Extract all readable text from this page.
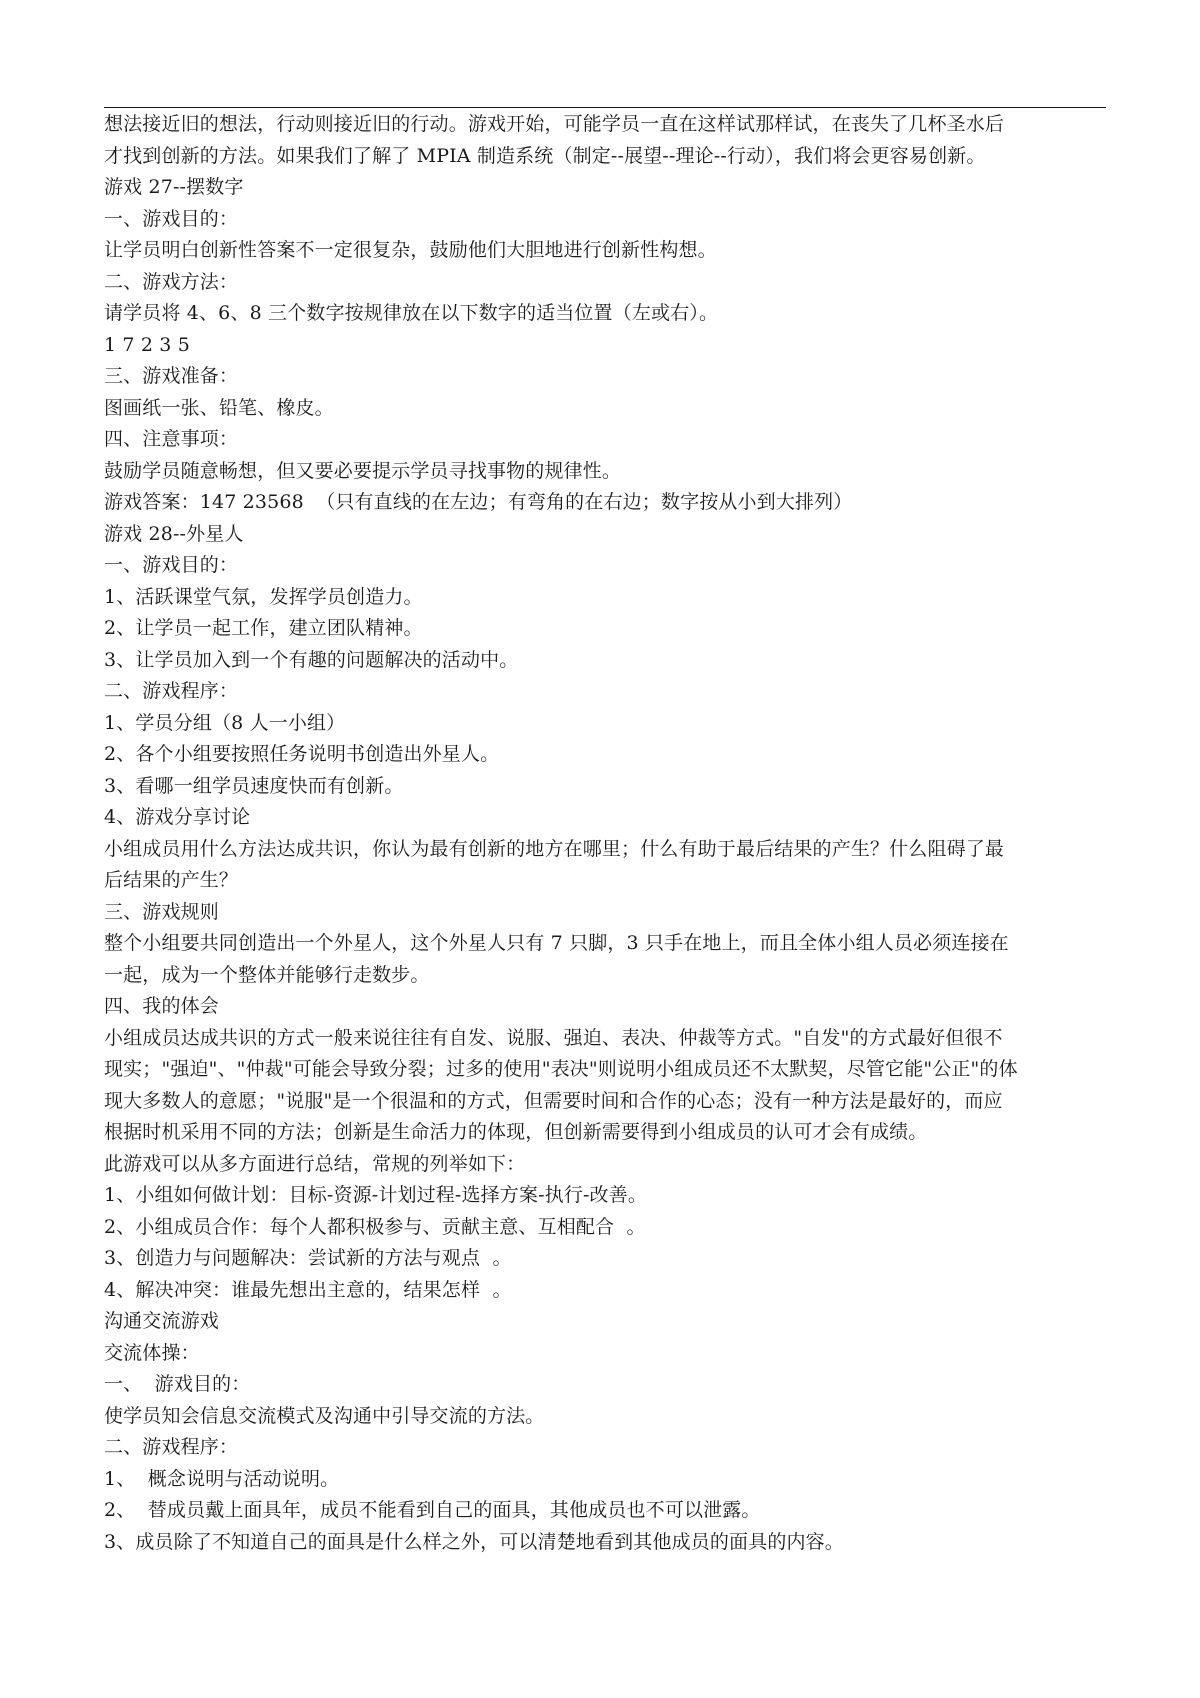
想法接近旧的想法，行动则接近旧的行动。游戏开始，可能学员一直在这样试那样试，在丧失了几杯圣水后
才找到创新的方法。如果我们了解了 MPIA 制造系统（制定--展望--理论--行动），我们将会更容易创新。
游戏 27--摆数字
一、游戏目的：
让学员明白创新性答案不一定很复杂，鼓励他们大胆地进行创新性构想。
二、游戏方法：
请学员将 4、6、8 三个数字按规律放在以下数字的适当位置（左或右）。
1 7 2 3 5
三、游戏准备：
图画纸一张、铅笔、橡皮。
四、注意事项：
鼓励学员随意畅想，但又要必要提示学员寻找事物的规律性。
游戏答案：147 23568  （只有直线的在左边；有弯角的在右边；数字按从小到大排列）
游戏 28--外星人
一、游戏目的：
1、活跃课堂气氛，发挥学员创造力。
2、让学员一起工作，建立团队精神。
3、让学员加入到一个有趣的问题解决的活动中。
二、游戏程序：
1、学员分组（8 人一小组）
2、各个小组要按照任务说明书创造出外星人。
3、看哪一组学员速度快而有创新。
4、游戏分享讨论
小组成员用什么方法达成共识，你认为最有创新的地方在哪里；什么有助于最后结果的产生？什么阻碍了最
后结果的产生？
三、游戏规则
整个小组要共同创造出一个外星人，这个外星人只有 7 只脚，3 只手在地上，而且全体小组人员必须连接在
一起，成为一个整体并能够行走数步。
四、我的体会
小组成员达成共识的方式一般来说往往有自发、说服、强迫、表决、仲裁等方式。"自发"的方式最好但很不
现实；"强迫"、"仲裁"可能会导致分裂；过多的使用"表决"则说明小组成员还不太默契，尽管它能"公正"的体
现大多数人的意愿；"说服"是一个很温和的方式，但需要时间和合作的心态；没有一种方法是最好的，而应
根据时机采用不同的方法；创新是生命活力的体现，但创新需要得到小组成员的认可才会有成绩。
此游戏可以从多方面进行总结，常规的列举如下：
1、小组如何做计划：目标-资源-计划过程-选择方案-执行-改善。
2、小组成员合作：每个人都积极参与、贡献主意、互相配合  。
3、创造力与问题解决：尝试新的方法与观点  。
4、解决冲突：谁最先想出主意的，结果怎样  。
沟通交流游戏
交流体操：
一、  游戏目的：
使学员知会信息交流模式及沟通中引导交流的方法。
二、游戏程序：
1、  概念说明与活动说明。
2、  替成员戴上面具年，成员不能看到自己的面具，其他成员也不可以泄露。
3、成员除了不知道自己的面具是什么样之外，可以清楚地看到其他成员的面具的内容。
